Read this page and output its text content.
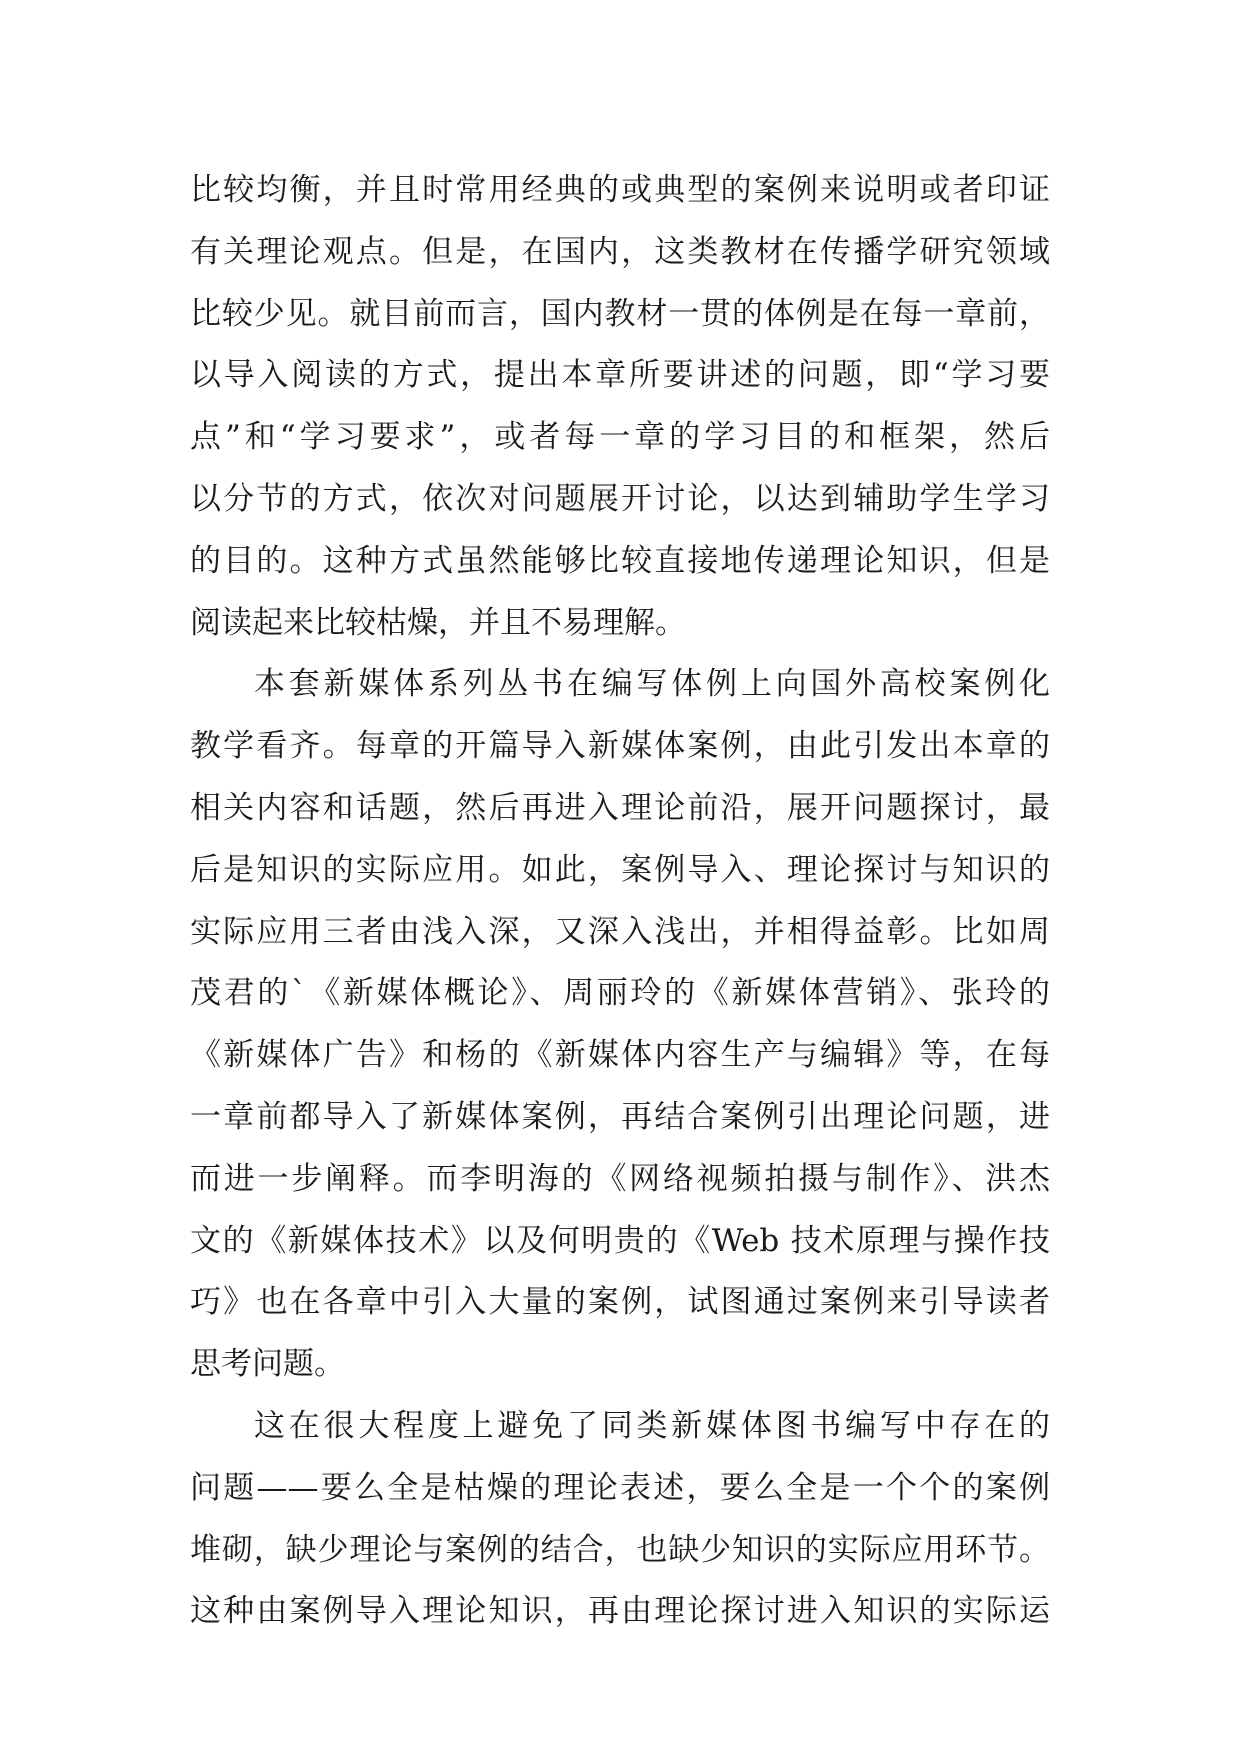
比较均衡，并且时常用经典的或典型的案例来说明或者印证
有关理论观点。但是，在国内，这类教材在传播学研究领域
比较少见。就目前而言，国内教材一贯的体例是在每一章前，
以导入阅读的方式，提出本章所要讲述的问题，即“学习要
点”和“学习要求”，或者每一章的学习目的和框架，然后
以分节的方式，依次对问题展开讨论，以达到辅助学生学习
的目的。这种方式虽然能够比较直接地传递理论知识，但是
阅读起来比较枯燥，并且不易理解。
本套新媒体系列丛书在编写体例上向国外高校案例化
教学看齐。每章的开篇导入新媒体案例，由此引发出本章的
相关内容和话题，然后再进入理论前沿，展开问题探讨，最
后是知识的实际应用。如此，案例导入、理论探讨与知识的
实际应用三者由浅入深，又深入浅出，并相得益彰。比如周
茂君的`《新媒体概论》、周丽玲的《新媒体营销》、张玲的
《新媒体广告》和杨的《新媒体内容生产与编辑》等，在每
一章前都导入了新媒体案例，再结合案例引出理论问题，进
而进一步阐释。而李明海的《网络视频拍摄与制作》、洪杰
文的《新媒体技术》以及何明贵的《Web 技术原理与操作技
巧》也在各章中引入大量的案例，试图通过案例来引导读者
思考问题。
这在很大程度上避免了同类新媒体图书编写中存在的
问题——要么全是枯燥的理论表述，要么全是一个个的案例
堆砌，缺少理论与案例的结合，也缺少知识的实际应用环节。
这种由案例导入理论知识，再由理论探讨进入知识的实际运
